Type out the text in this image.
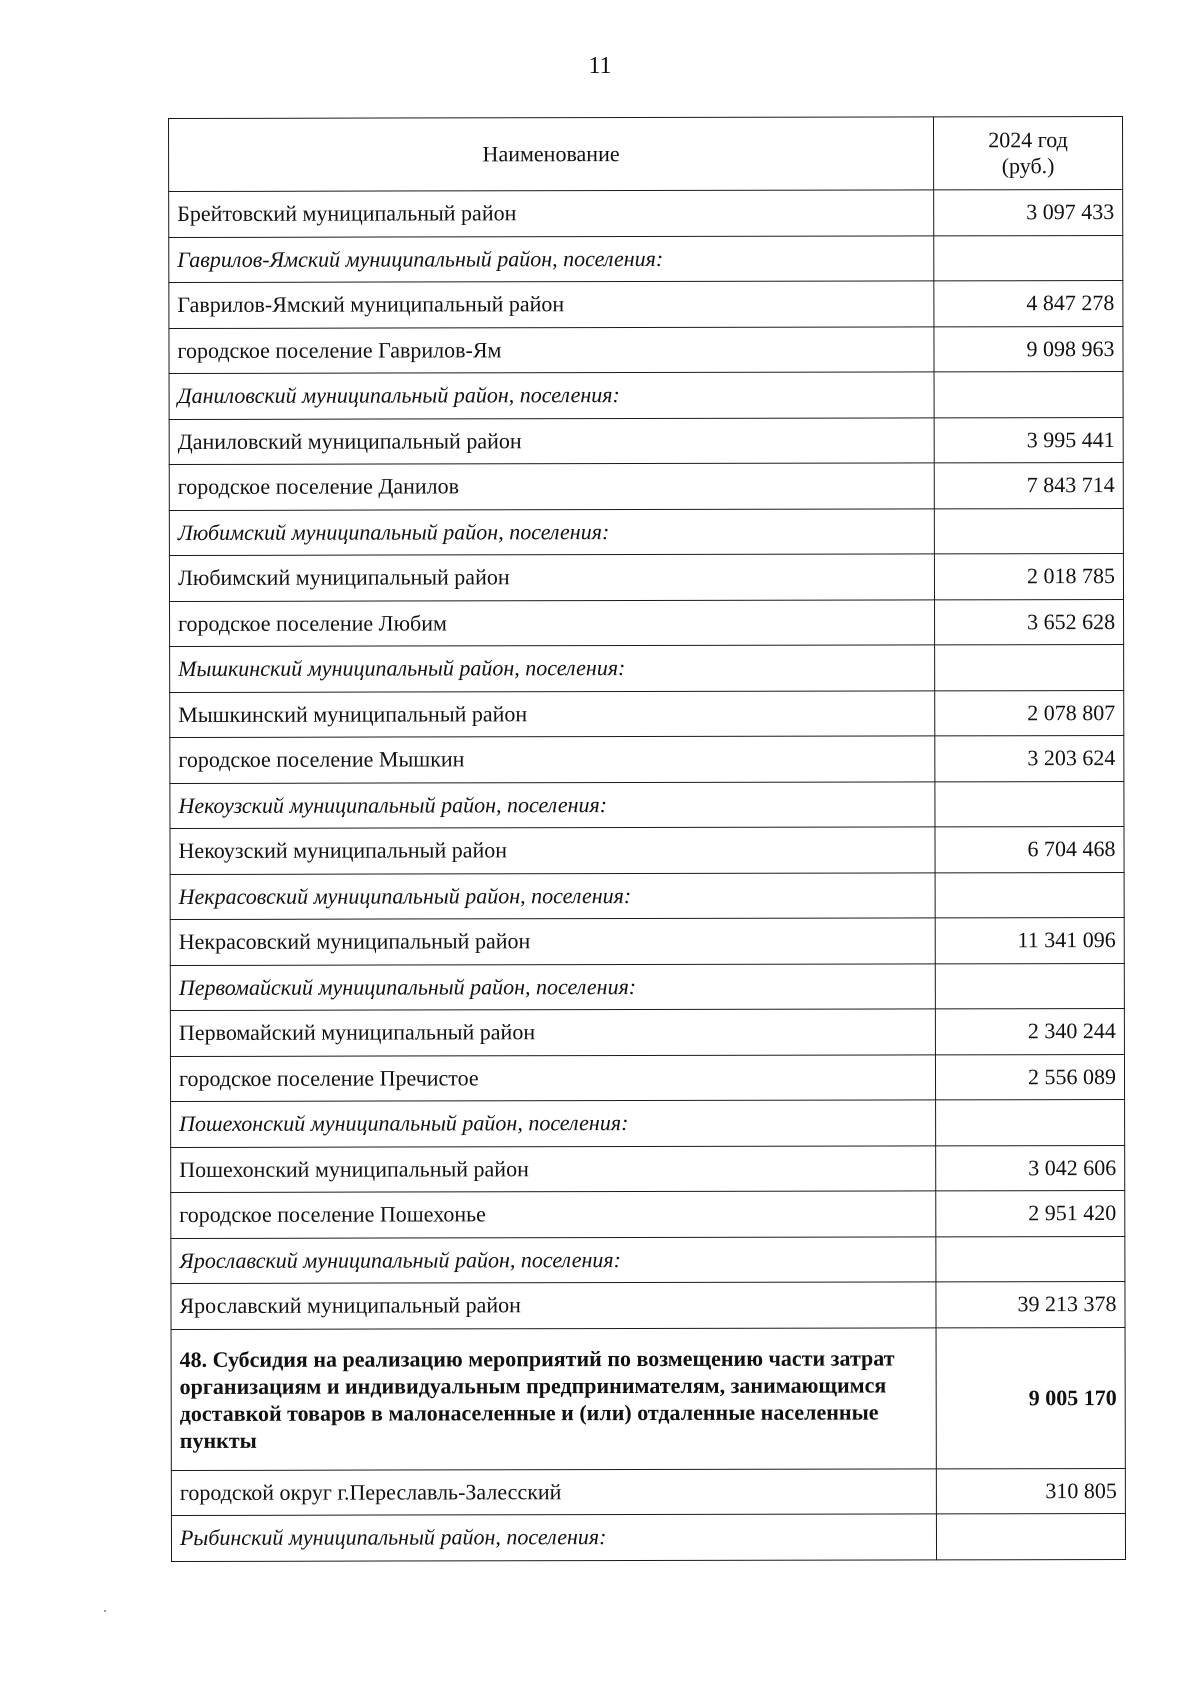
11
Наименование	2024 год
(руб.)
Брейтовский муниципальный район	3 097 433
Гаврилов-Ямский муниципальный район, поселения:	
Гаврилов-Ямский муниципальный район	4 847 278
городское поселение Гаврилов-Ям	9 098 963
Даниловский муниципальный район, поселения:	
Даниловский муниципальный район	3 995 441
городское поселение Данилов	7 843 714
Любимский муниципальный район, поселения:	
Любимский муниципальный район	2 018 785
городское поселение Любим	3 652 628
Мышкинский муниципальный район, поселения:	
Мышкинский муниципальный район	2 078 807
городское поселение Мышкин	3 203 624
Некоузский муниципальный район, поселения:	
Некоузский муниципальный район	6 704 468
Некрасовский муниципальный район, поселения:	
Некрасовский муниципальный район	11 341 096
Первомайский муниципальный район, поселения:	
Первомайский муниципальный район	2 340 244
городское поселение Пречистое	2 556 089
Пошехонский муниципальный район, поселения:	
Пошехонский муниципальный район	3 042 606
городское поселение Пошехонье	2 951 420
Ярославский муниципальный район, поселения:	
Ярославский муниципальный район	39 213 378
48. Субсидия на реализацию мероприятий по возмещению части затрат организациям и индивидуальным предпринимателям, занимающимся доставкой товаров в малонаселенные и (или) отдаленные населенные пункты	9 005 170
городской округ г.Переславль-Залесский	310 805
Рыбинский муниципальный район, поселения:	
